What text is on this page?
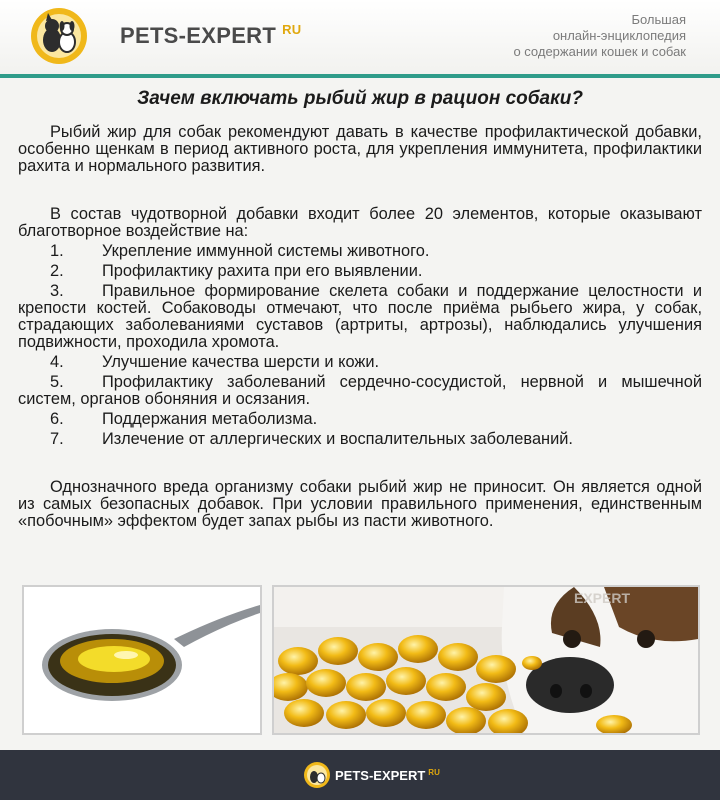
PETS-EXPERT $^{RU}$
Большая
онлайн-энциклопедия
о содержании кошек и собак
Зачем включать рыбий жир в рацион собаки?

Рыбий жир для собак рекомендуют давать в качестве профилактической добавки, особенно щенкам в период активного роста, для укрепления иммунитета, профилактики рахита и нормального развития.

В состав чудотворной добавки входит более 20 элементов, которые оказывают благотворное воздействие на:

1. Укрепление иммунной системы животного.
2. Профилактику рахита при его выявлении.
3. Правильное формирование скелета собаки и поддержание целостности и крепости костей. Собаководы отмечают, что после приёма рыбьего жира, у собак, страдающих заболеваниями суставов (артриты, артрозы), наблюдались улучшения подвижности, проходила хромота.
4. Улучшение качества шерсти и кожи.
5. Профилактику заболеваний сердечно-сосудистой, нервной и мышечной систем, органов обоняния и осязания.
6. Поддержания метаболизма.
7. Излечение от аллергических и воспалительных заболеваний.

Однозначного вреда организму собаки рыбий жир не приносит. Он является одной из самых безопасных добавок. При условии правильного применения, единственным «побочным» эффектом будет запах рыбы из пасти животного.

EXPERT
PETS-EXPERT $^{RU}$
